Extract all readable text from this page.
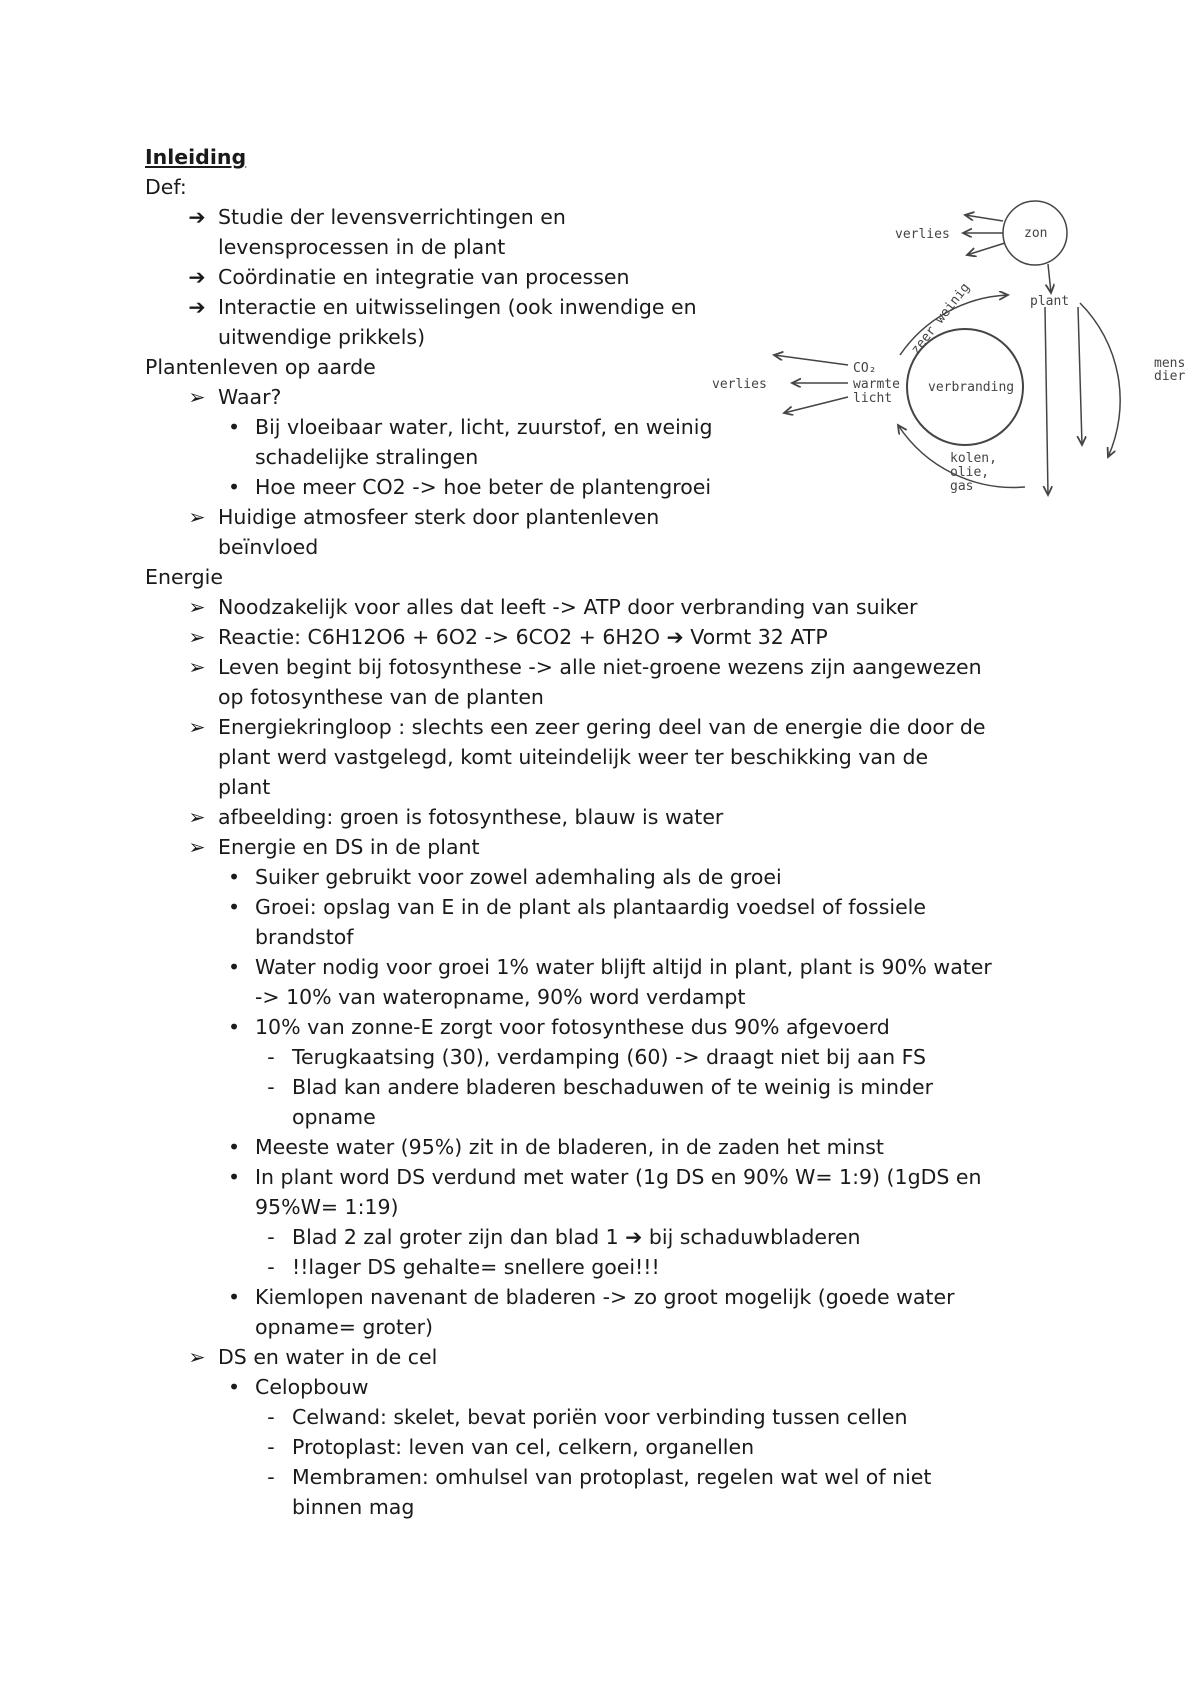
Inleiding
Def:
➔ Studie der levensverrichtingen en
levensprocessen in de plant
➔ Coördinatie en integratie van processen
➔ Interactie en uitwisselingen (ook inwendige en
uitwendige prikkels)
Plantenleven op aarde
➢ Waar?
• Bij vloeibaar water, licht, zuurstof, en weinig
schadelijke stralingen
• Hoe meer CO2 -> hoe beter de plantengroei
➢ Huidige atmosfeer sterk door plantenleven
beïnvloed
Energie
➢ Noodzakelijk voor alles dat leeft -> ATP door verbranding van suiker
➢ Reactie: C6H12O6 + 6O2 -> 6CO2 + 6H2O ➔ Vormt 32 ATP
➢ Leven begint bij fotosynthese -> alle niet-groene wezens zijn aangewezen
op fotosynthese van de planten
➢ Energiekringloop : slechts een zeer gering deel van de energie die door de
plant werd vastgelegd, komt uiteindelijk weer ter beschikking van de
plant
➢ afbeelding: groen is fotosynthese, blauw is water
➢ Energie en DS in de plant
• Suiker gebruikt voor zowel ademhaling als de groei
• Groei: opslag van E in de plant als plantaardig voedsel of fossiele
brandstof
• Water nodig voor groei 1% water blijft altijd in plant, plant is 90% water
-> 10% van wateropname, 90% word verdampt
• 10% van zonne-E zorgt voor fotosynthese dus 90% afgevoerd
- Terugkaatsing (30), verdamping (60) -> draagt niet bij aan FS
- Blad kan andere bladeren beschaduwen of te weinig is minder
opname
• Meeste water (95%) zit in de bladeren, in de zaden het minst
• In plant word DS verdund met water (1g DS en 90% W= 1:9) (1gDS en
95%W= 1:19)
- Blad 2 zal groter zijn dan blad 1 ➔ bij schaduwbladeren
- !!lager DS gehalte= snellere goei!!!
• Kiemlopen navenant de bladeren -> zo groot mogelijk (goede water
opname= groter)
➢ DS en water in de cel
• Celopbouw
- Celwand: skelet, bevat poriën voor verbinding tussen cellen
- Protoplast: leven van cel, celkern, organellen
- Membramen: omhulsel van protoplast, regelen wat wel of niet
binnen mag
zon
verlies
plant
zeer weinig
mens
dier
verbranding
CO₂
warmte
licht
verlies
kolen,
olie,
gas
